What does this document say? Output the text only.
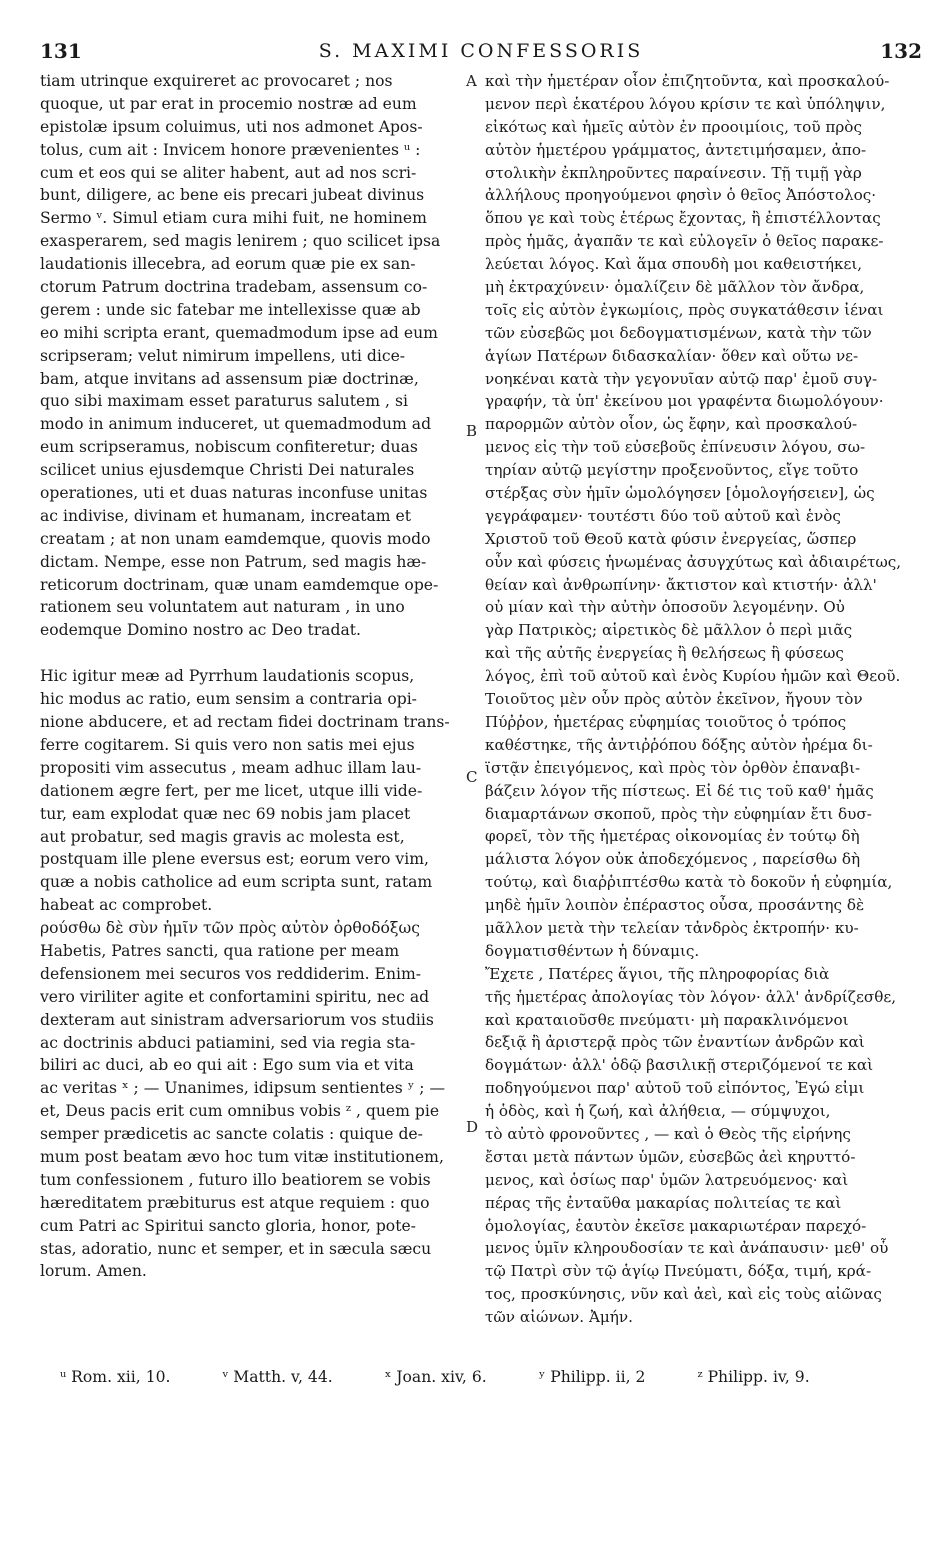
131	S. MAXIMI CONFESSORIS	132
A
B
C
D
tiam utrinque exquireret ac provocaret ; nos
quoque, ut par erat in procemio nostræ ad eum
epistolæ ipsum coluimus, uti nos admonet Apos-
tolus, cum ait : Invicem honore prævenientes ᵘ :
cum et eos qui se aliter habent, aut ad nos scri-
bunt, diligere, ac bene eis precari jubeat divinus
Sermo ᵛ. Simul etiam cura mihi fuit, ne hominem
exasperarem, sed magis lenirem ; quo scilicet ipsa
laudationis illecebra, ad eorum quæ pie ex san-
ctorum Patrum doctrina tradebam, assensum co-
gerem : unde sic fatebar me intellexisse quæ ab
eo mihi scripta erant, quemadmodum ipse ad eum
scripseram; velut nimirum impellens, uti dice-
bam, atque invitans ad assensum piæ doctrinæ,
quo sibi maximam esset paraturus salutem , si
modo in animum induceret, ut quemadmodum ad
eum scripseramus, nobiscum confiteretur; duas
scilicet unius ejusdemque Christi Dei naturales
operationes, uti et duas naturas inconfuse unitas
ac indivise, divinam et humanam, increatam et
creatam ; at non unam eamdemque, quovis modo
dictam. Nempe, esse non Patrum, sed magis hæ-
reticorum doctrinam, quæ unam eamdemque ope-
rationem seu voluntatem aut naturam , in uno
eodemque Domino nostro ac Deo tradat.
Hic igitur meæ ad Pyrrhum laudationis scopus,
hic modus ac ratio, eum sensim a contraria opi-
nione abducere, et ad rectam fidei doctrinam trans-
ferre cogitarem. Si quis vero non satis mei ejus
propositi vim assecutus , meam adhuc illam lau-
dationem ægre fert, per me licet, utque illi vide-
tur, eam explodat quæ nec 69 nobis jam placet
aut probatur, sed magis gravis ac molesta est,
postquam ille plene eversus est; eorum vero vim,
quæ a nobis catholice ad eum scripta sunt, ratam
habeat ac comprobet.
ρούσθω δὲ σὺν ἡμῖν τῶν πρὸς αὐτὸν ὀρθοδόξως
Habetis, Patres sancti, qua ratione per meam
defensionem mei securos vos reddiderim. Enim-
vero viriliter agite et confortamini spiritu, nec ad
dexteram aut sinistram adversariorum vos studiis
ac doctrinis abduci patiamini, sed via regia sta-
biliri ac duci, ab eo qui ait : Ego sum via et vita
ac veritas ˣ ; — Unanimes, idipsum sentientes ʸ ; —
et, Deus pacis erit cum omnibus vobis ᶻ , quem pie
semper prædicetis ac sancte colatis : quique de-
mum post beatam ævo hoc tum vitæ institutionem,
tum confessionem , futuro illo beatiorem se vobis
hæreditatem præbiturus est atque requiem : quo
cum Patri ac Spiritui sancto gloria, honor, pote-
stas, adoratio, nunc et semper, et in sæcula sæcu
lorum. Amen.
καὶ τὴν ἡμετέραν οἷον ἐπιζητοῦντα, καὶ προσκαλού-
μενον περὶ ἑκατέρου λόγου κρίσιν τε καὶ ὑπόληψιν,
εἰκότως καὶ ἡμεῖς αὐτὸν ἐν προοιμίοις, τοῦ πρὸς
αὐτὸν ἡμετέρου γράμματος, ἀντετιμήσαμεν, ἀπο-
στολικὴν ἐκπληροῦντες παραίνεσιν. Τῇ τιμῇ γὰρ
ἀλλήλους προηγούμενοι φησὶν ὁ θεῖος Ἀπόστολος·
ὅπου γε καὶ τοὺς ἑτέρως ἔχοντας, ἢ ἐπιστέλλοντας
πρὸς ἡμᾶς, ἀγαπᾶν τε καὶ εὐλογεῖν ὁ θεῖος παρακε-
λεύεται λόγος. Καὶ ἅμα σπουδὴ μοι καθειστήκει,
μὴ ἐκτραχύνειν· ὁμαλίζειν δὲ μᾶλλον τὸν ἄνδρα,
τοῖς εἰς αὐτὸν ἐγκωμίοις, πρὸς συγκατάθεσιν ἰέναι
τῶν εὐσεβῶς μοι δεδογματισμένων, κατὰ τὴν τῶν
ἁγίων Πατέρων διδασκαλίαν· ὅθεν καὶ οὕτω νε-
νοηκέναι κατὰ τὴν γεγονυῖαν αὐτῷ παρ' ἐμοῦ συγ-
γραφήν, τὰ ὑπ' ἐκείνου μοι γραφέντα διωμολόγουν·
παρορμῶν αὐτὸν οἷον, ὡς ἔφην, καὶ προσκαλού-
μενος εἰς τὴν τοῦ εὐσεβοῦς ἐπίνευσιν λόγου, σω-
τηρίαν αὐτῷ μεγίστην προξενοῦντος, εἴγε τοῦτο
στέρξας σὺν ἡμῖν ὡμολόγησεν [ὁμολογήσειεν], ὡς
γεγράφαμεν· τουτέστι δύο τοῦ αὐτοῦ καὶ ἑνὸς
Χριστοῦ τοῦ Θεοῦ κατὰ φύσιν ἐνεργείας, ὥσπερ
οὖν καὶ φύσεις ἡνωμένας ἀσυγχύτως καὶ ἀδιαιρέτως,
θείαν καὶ ἀνθρωπίνην· ἄκτιστον καὶ κτιστήν· ἀλλ'
οὐ μίαν καὶ τὴν αὐτὴν ὁποσοῦν λεγομένην. Οὐ
γὰρ Πατρικὸς; αἱρετικὸς δὲ μᾶλλον ὁ περὶ μιᾶς
καὶ τῆς αὐτῆς ἐνεργείας ἢ θελήσεως ἢ φύσεως
λόγος, ἐπὶ τοῦ αὐτοῦ καὶ ἑνὸς Κυρίου ἡμῶν καὶ Θεοῦ.
Τοιοῦτος μὲν οὖν πρὸς αὐτὸν ἐκεῖνον, ἤγουν τὸν
Πύῤῥον, ἡμετέρας εὐφημίας τοιοῦτος ὁ τρόπος
καθέστηκε, τῆς ἀντιῤῥόπου δόξης αὐτὸν ἠρέμα δι-
ϊστᾷν ἐπειγόμενος, καὶ πρὸς τὸν ὀρθὸν ἐπαναβι-
βάζειν λόγον τῆς πίστεως. Εἰ δέ τις τοῦ καθ' ἡμᾶς
διαμαρτάνων σκοποῦ, πρὸς τὴν εὐφημίαν ἔτι δυσ-
φορεῖ, τὸν τῆς ἡμετέρας οἰκονομίας ἐν τούτῳ δὴ
μάλιστα λόγον οὐκ ἀποδεχόμενος , παρείσθω δὴ
τούτῳ, καὶ διαῤῥιπτέσθω κατὰ τὸ δοκοῦν ἡ εὐφημία,
μηδὲ ἡμῖν λοιπὸν ἐπέραστος οὖσα, προσάντης δὲ
μᾶλλον μετὰ τὴν τελείαν τἀνδρὸς ἐκτροπήν· κυ-
δογματισθέντων ἡ δύναμις.
Ἔχετε , Πατέρες ἅγιοι, τῆς πληροφορίας διὰ
τῆς ἡμετέρας ἀπολογίας τὸν λόγον· ἀλλ' ἀνδρίζεσθε,
καὶ κραταιοῦσθε πνεύματι· μὴ παρακλινόμενοι
δεξιᾷ ἢ ἀριστερᾷ πρὸς τῶν ἐναντίων ἀνδρῶν καὶ
δογμάτων· ἀλλ' ὁδῷ βασιλικῇ στεριζόμενοί τε καὶ
ποδηγούμενοι παρ' αὐτοῦ τοῦ εἰπόντος, Ἐγώ εἰμι
ἡ ὁδὸς, καὶ ἡ ζωή, καὶ ἀλήθεια, — σύμψυχοι,
τὸ αὐτὸ φρονοῦντες , — καὶ ὁ Θεὸς τῆς εἰρήνης
ἔσται μετὰ πάντων ὑμῶν, εὐσεβῶς ἀεὶ κηρυττό-
μενος, καὶ ὁσίως παρ' ὑμῶν λατρευόμενος· καὶ
πέρας τῆς ἐνταῦθα μακαρίας πολιτείας τε καὶ
ὁμολογίας, ἑαυτὸν ἐκεῖσε μακαριωτέραν παρεχό-
μενος ὑμῖν κληρουδοσίαν τε καὶ ἀνάπαυσιν· μεθ' οὗ
τῷ Πατρὶ σὺν τῷ ἁγίῳ Πνεύματι, δόξα, τιμή, κρά-
τος, προσκύνησις, νῦν καὶ ἀεὶ, καὶ εἰς τοὺς αἰῶνας
τῶν αἰώνων. Ἀμήν.
ᵘ Rom. xii, 10.	ᵛ Matth. v, 44.	ˣ Joan. xiv, 6.	ʸ Philipp. ii, 2	ᶻ Philipp. iv, 9.
